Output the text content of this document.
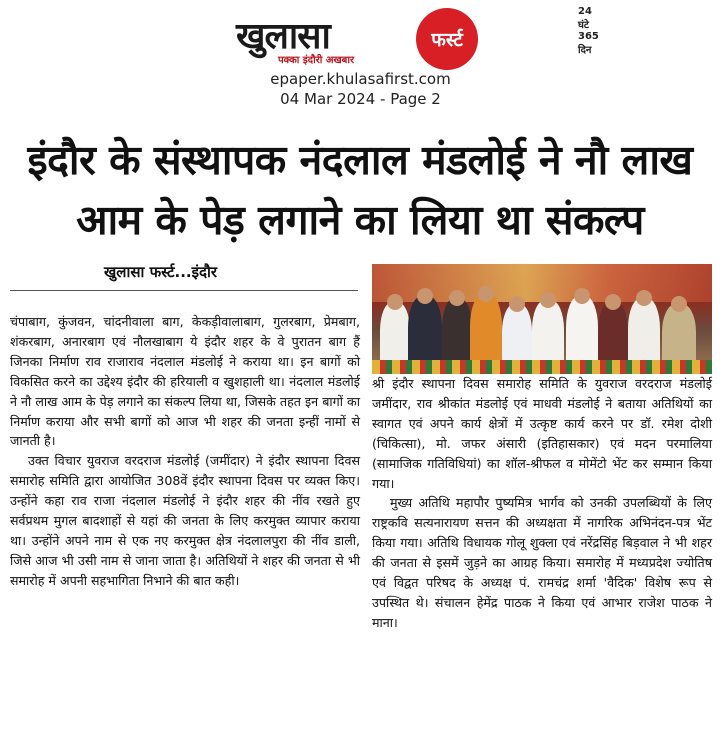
24 घंटे 365 दिन
खुलासा
पक्का इंदौरी अखबार
फर्स्ट
epaper.khulasafirst.com
04 Mar 2024 - Page 2
इंदौर के संस्थापक नंदलाल मंडलोई ने नौ लाख आम के पेड़ लगाने का लिया था संकल्प
खुलासा फर्स्ट...इंदौर

चंपाबाग, कुंजवन, चांदनीवाला बाग, केकड़ीवालाबाग, गुलरबाग, प्रेमबाग, शंकरबाग, अनारबाग एवं नौलखाबाग ये इंदौर शहर के वे पुरातन बाग हैं जिनका निर्माण राव राजाराव नंदलाल मंडलोई ने कराया था। इन बागों को विकसित करने का उद्देश्य इंदौर की हरियाली व खुशहाली था। नंदलाल मंडलोई ने नौ लाख आम के पेड़ लगाने का संकल्प लिया था, जिसके तहत इन बागों का निर्माण कराया और सभी बागों को आज भी शहर की जनता इन्हीं नामों से जानती है।

उक्त विचार युवराज वरदराज मंडलोई (जमींदार) ने इंदौर स्थापना दिवस समारोह समिति द्वारा आयोजित 308वें इंदौर स्थापना दिवस पर व्यक्त किए। उन्होंने कहा राव राजा नंदलाल मंडलोई ने इंदौर शहर की नींव रखते हुए सर्वप्रथम मुगल बादशाहों से यहां की जनता के लिए करमुक्त व्यापार कराया था। उन्होंने अपने नाम से एक नए करमुक्त क्षेत्र नंदलालपुरा की नींव डाली, जिसे आज भी उसी नाम से जाना जाता है। अतिथियों ने शहर की जनता से भी समारोह में अपनी सहभागिता निभाने की बात कही।

श्री इंदौर स्थापना दिवस समारोह समिति के युवराज वरदराज मंडलोई जमींदार, राव श्रीकांत मंडलोई एवं माधवी मंडलोई ने बताया अतिथियों का स्वागत एवं अपने कार्य क्षेत्रों में उत्कृष्ट कार्य करने पर डॉ. रमेश दोशी (चिकित्सा), मो. जफर अंसारी (इतिहासकार) एवं मदन परमालिया (सामाजिक गतिविधियां) का शॉल-श्रीफल व मोमेंटो भेंट कर सम्मान किया गया।

मुख्य अतिथि महापौर पुष्यमित्र भार्गव को उनकी उपलब्धियों के लिए राष्ट्रकवि सत्यनारायण सत्तन की अध्यक्षता में नागरिक अभिनंदन-पत्र भेंट किया गया। अतिथि विधायक गोलू शुक्ला एवं नरेंद्रसिंह बिड़वाल ने भी शहर की जनता से इसमें जुड़ने का आग्रह किया। समारोह में मध्यप्रदेश ज्योतिष एवं विद्वत परिषद के अध्यक्ष पं. रामचंद्र शर्मा 'वैदिक' विशेष रूप से उपस्थित थे। संचालन हेमेंद्र पाठक ने किया एवं आभार राजेश पाठक ने माना।
